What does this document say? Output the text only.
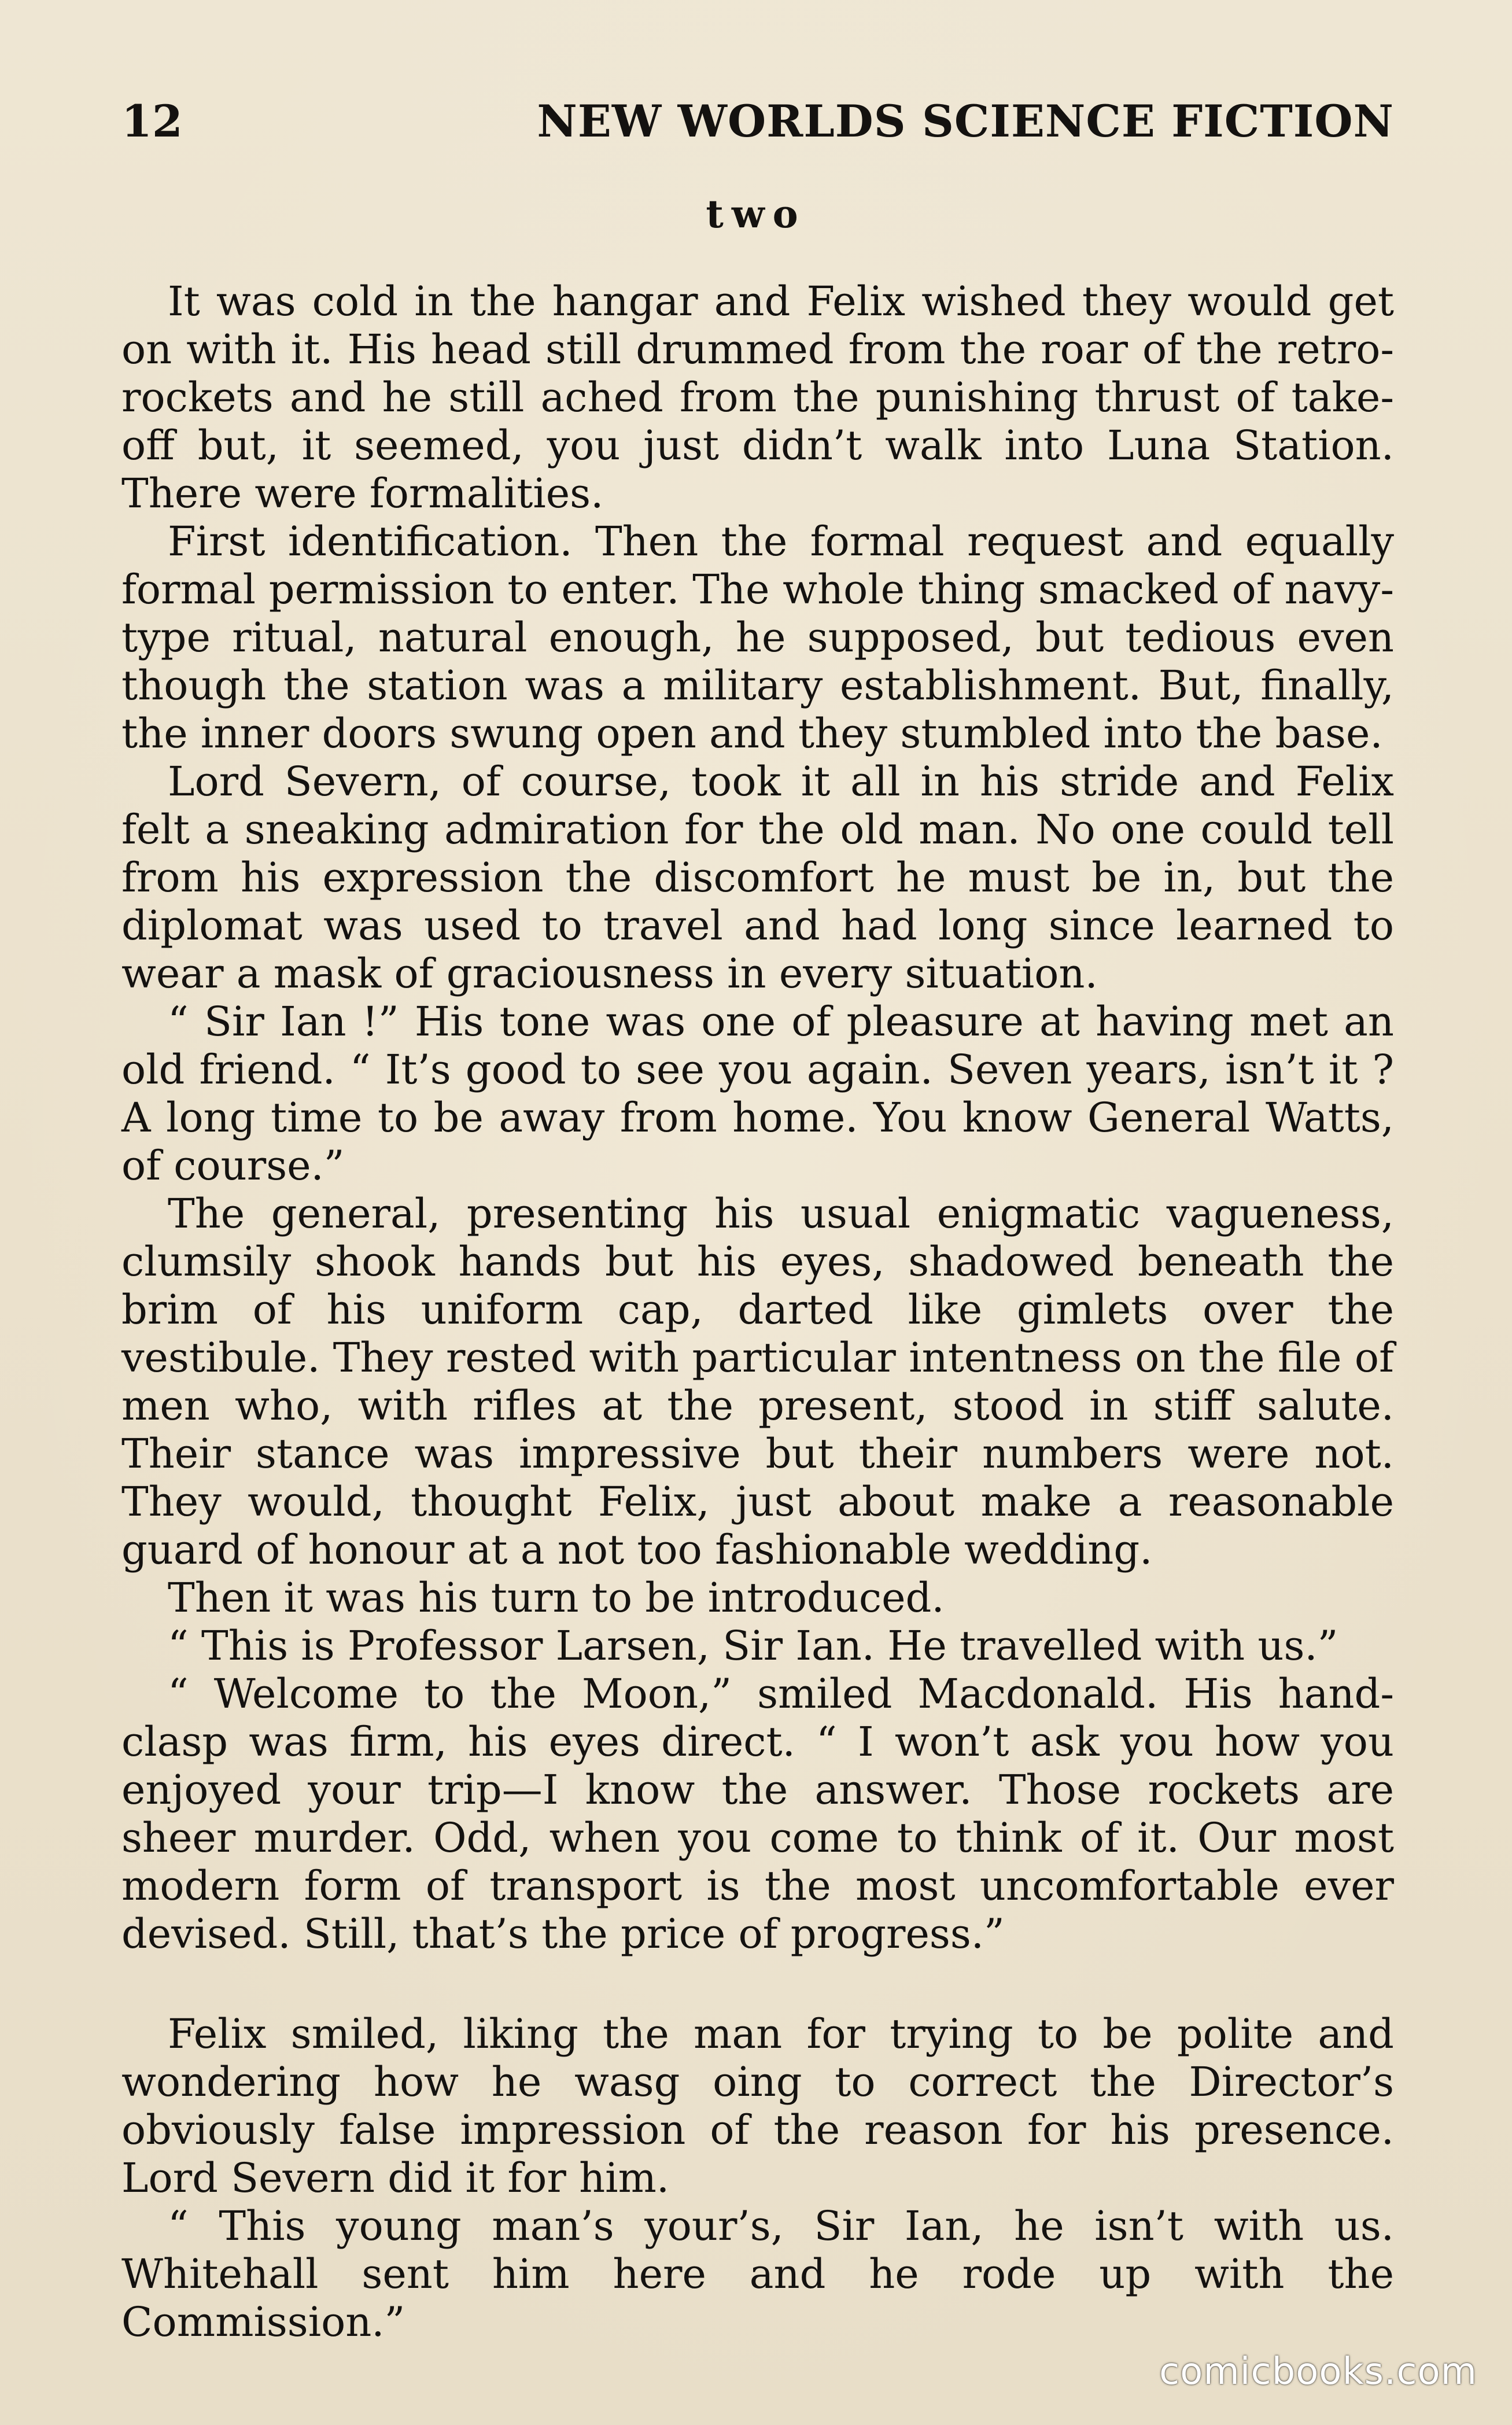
12	NEW WORLDS SCIENCE FICTION
two

It was cold in the hangar and Felix wished they would get on with it. His head still drummed from the roar of the retro-rockets and he still ached from the punishing thrust of take-off but, it seemed, you just didn’t walk into Luna Station. There were formalities.

First identification. Then the formal request and equally formal permission to enter. The whole thing smacked of navy-type ritual, natural enough, he supposed, but tedious even though the station was a military establishment. But, finally, the inner doors swung open and they stumbled into the base.

Lord Severn, of course, took it all in his stride and Felix felt a sneaking admiration for the old man. No one could tell from his expression the discomfort he must be in, but the diplomat was used to travel and had long since learned to wear a mask of graciousness in every situation.

“ Sir Ian !” His tone was one of pleasure at having met an old friend. “ It’s good to see you again. Seven years, isn’t it ? A long time to be away from home. You know General Watts, of course.”

The general, presenting his usual enigmatic vagueness, clumsily shook hands but his eyes, shadowed beneath the brim of his uniform cap, darted like gimlets over the vestibule. They rested with particular intentness on the file of men who, with rifles at the present, stood in stiff salute. Their stance was impressive but their numbers were not. They would, thought Felix, just about make a reasonable guard of honour at a not too fashionable wedding.

Then it was his turn to be introduced.

“ This is Professor Larsen, Sir Ian. He travelled with us.”

“ Welcome to the Moon,” smiled Macdonald. His hand-clasp was firm, his eyes direct. “ I won’t ask you how you enjoyed your trip—I know the answer. Those rockets are sheer murder. Odd, when you come to think of it. Our most modern form of transport is the most uncomfortable ever devised. Still, that’s the price of progress.”

Felix smiled, liking the man for trying to be polite and wondering how he wasg oing to correct the Director’s obviously false impression of the reason for his presence. Lord Severn did it for him.

“ This young man’s your’s, Sir Ian, he isn’t with us. Whitehall sent him here and he rode up with the Commission.”

comicbooks.com
